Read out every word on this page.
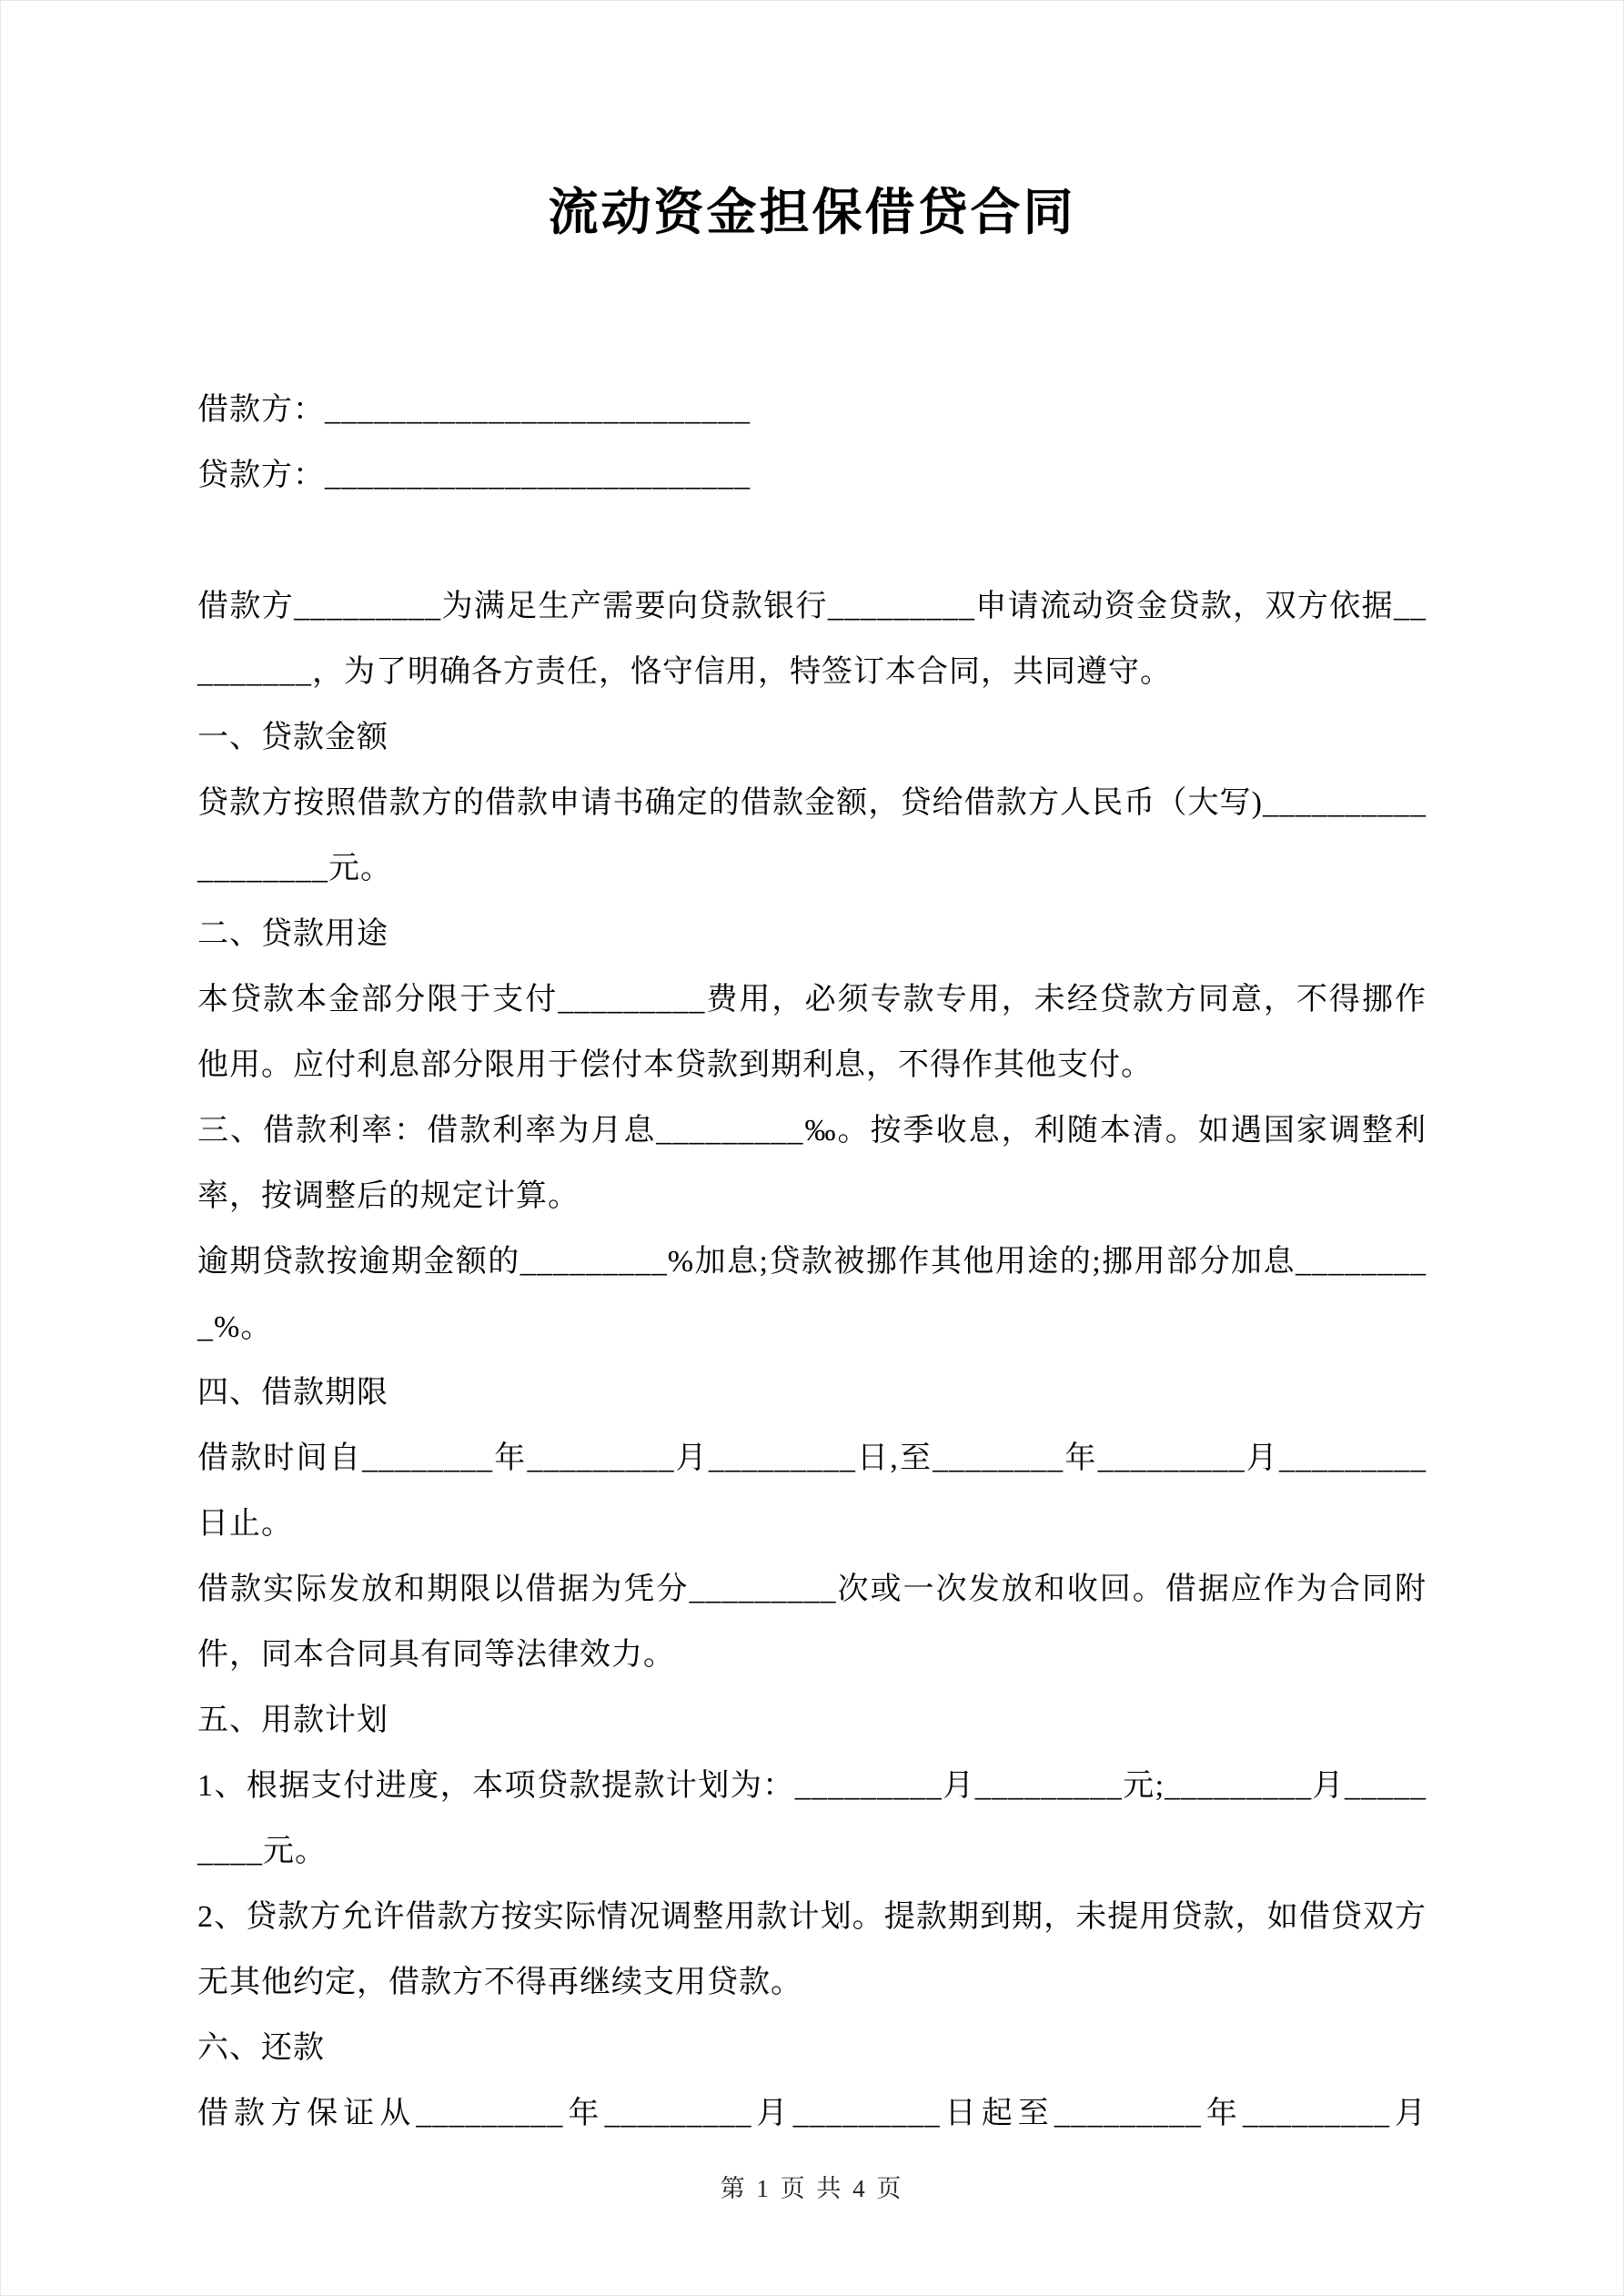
流动资金担保借贷合同

借款方：__________________________

贷款方：__________________________

借款方_________为满足生产需要向贷款银行_________申请流动资金贷款，双方依据_________，为了明确各方责任，恪守信用，特签订本合同，共同遵守。

一、贷款金额

贷款方按照借款方的借款申请书确定的借款金额，贷给借款方人民币（大写)__________________元。

二、贷款用途

本贷款本金部分限于支付_________费用，必须专款专用，未经贷款方同意，不得挪作他用。应付利息部分限用于偿付本贷款到期利息，不得作其他支付。

三、借款利率：借款利率为月息_________‰。按季收息，利随本清。如遇国家调整利率，按调整后的规定计算。

逾期贷款按逾期金额的_________%加息;贷款被挪作其他用途的;挪用部分加息_________%。

四、借款期限

借款时间自________年_________月_________日,至________年_________月_________日止。

借款实际发放和期限以借据为凭分_________次或一次发放和收回。借据应作为合同附件，同本合同具有同等法律效力。

五、用款计划

1、根据支付进度，本项贷款提款计划为：_________月_________元;_________月_________元。

2、贷款方允许借款方按实际情况调整用款计划。提款期到期，未提用贷款，如借贷双方无其他约定，借款方不得再继续支用贷款。

六、还款

借款方保证从_________年_________月_________日起至_________年_________月

第 1 页 共 4 页
